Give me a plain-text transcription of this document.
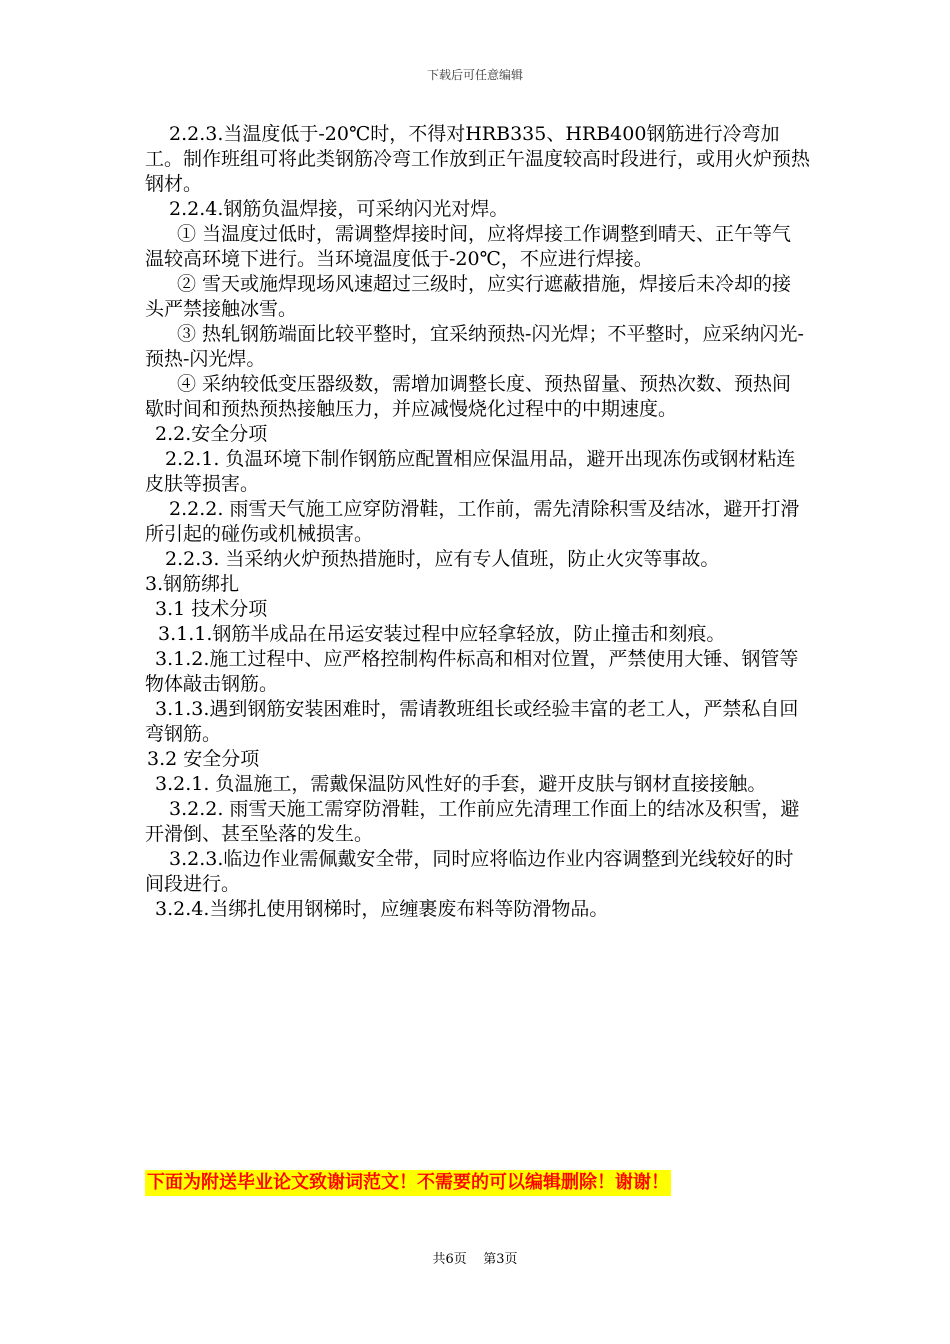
下载后可任意编辑

2.2.3.当温度低于-20℃时，不得对HRB335、HRB400钢筋进行冷弯加工。制作班组可将此类钢筋冷弯工作放到正午温度较高时段进行，或用火炉预热钢材。

2.2.4.钢筋负温焊接，可采纳闪光对焊。

① 当温度过低时，需调整焊接时间，应将焊接工作调整到晴天、正午等气温较高环境下进行。当环境温度低于-20℃，不应进行焊接。

② 雪天或施焊现场风速超过三级时，应实行遮蔽措施，焊接后未冷却的接头严禁接触冰雪。

③ 热轧钢筋端面比较平整时，宜采纳预热-闪光焊；不平整时，应采纳闪光-预热-闪光焊。

④ 采纳较低变压器级数，需增加调整长度、预热留量、预热次数、预热间歇时间和预热预热接触压力，并应减慢烧化过程中的中期速度。

2.2.安全分项

2.2.1. 负温环境下制作钢筋应配置相应保温用品，避开出现冻伤或钢材粘连皮肤等损害。

2.2.2. 雨雪天气施工应穿防滑鞋，工作前，需先清除积雪及结冰，避开打滑所引起的碰伤或机械损害。

2.2.3. 当采纳火炉预热措施时，应有专人值班，防止火灾等事故。

3.钢筋绑扎

3.1 技术分项

3.1.1.钢筋半成品在吊运安装过程中应轻拿轻放，防止撞击和刻痕。

3.1.2.施工过程中、应严格控制构件标高和相对位置，严禁使用大锤、钢管等物体敲击钢筋。

3.1.3.遇到钢筋安装困难时，需请教班组长或经验丰富的老工人，严禁私自回弯钢筋。

3.2 安全分项

3.2.1. 负温施工，需戴保温防风性好的手套，避开皮肤与钢材直接接触。

3.2.2. 雨雪天施工需穿防滑鞋，工作前应先清理工作面上的结冰及积雪，避开滑倒、甚至坠落的发生。

3.2.3.临边作业需佩戴安全带，同时应将临边作业内容调整到光线较好的时间段进行。

3.2.4.当绑扎使用钢梯时，应缠裹废布料等防滑物品。

下面为附送毕业论文致谢词范文！不需要的可以编辑删除！谢谢！
共6页    第3页
